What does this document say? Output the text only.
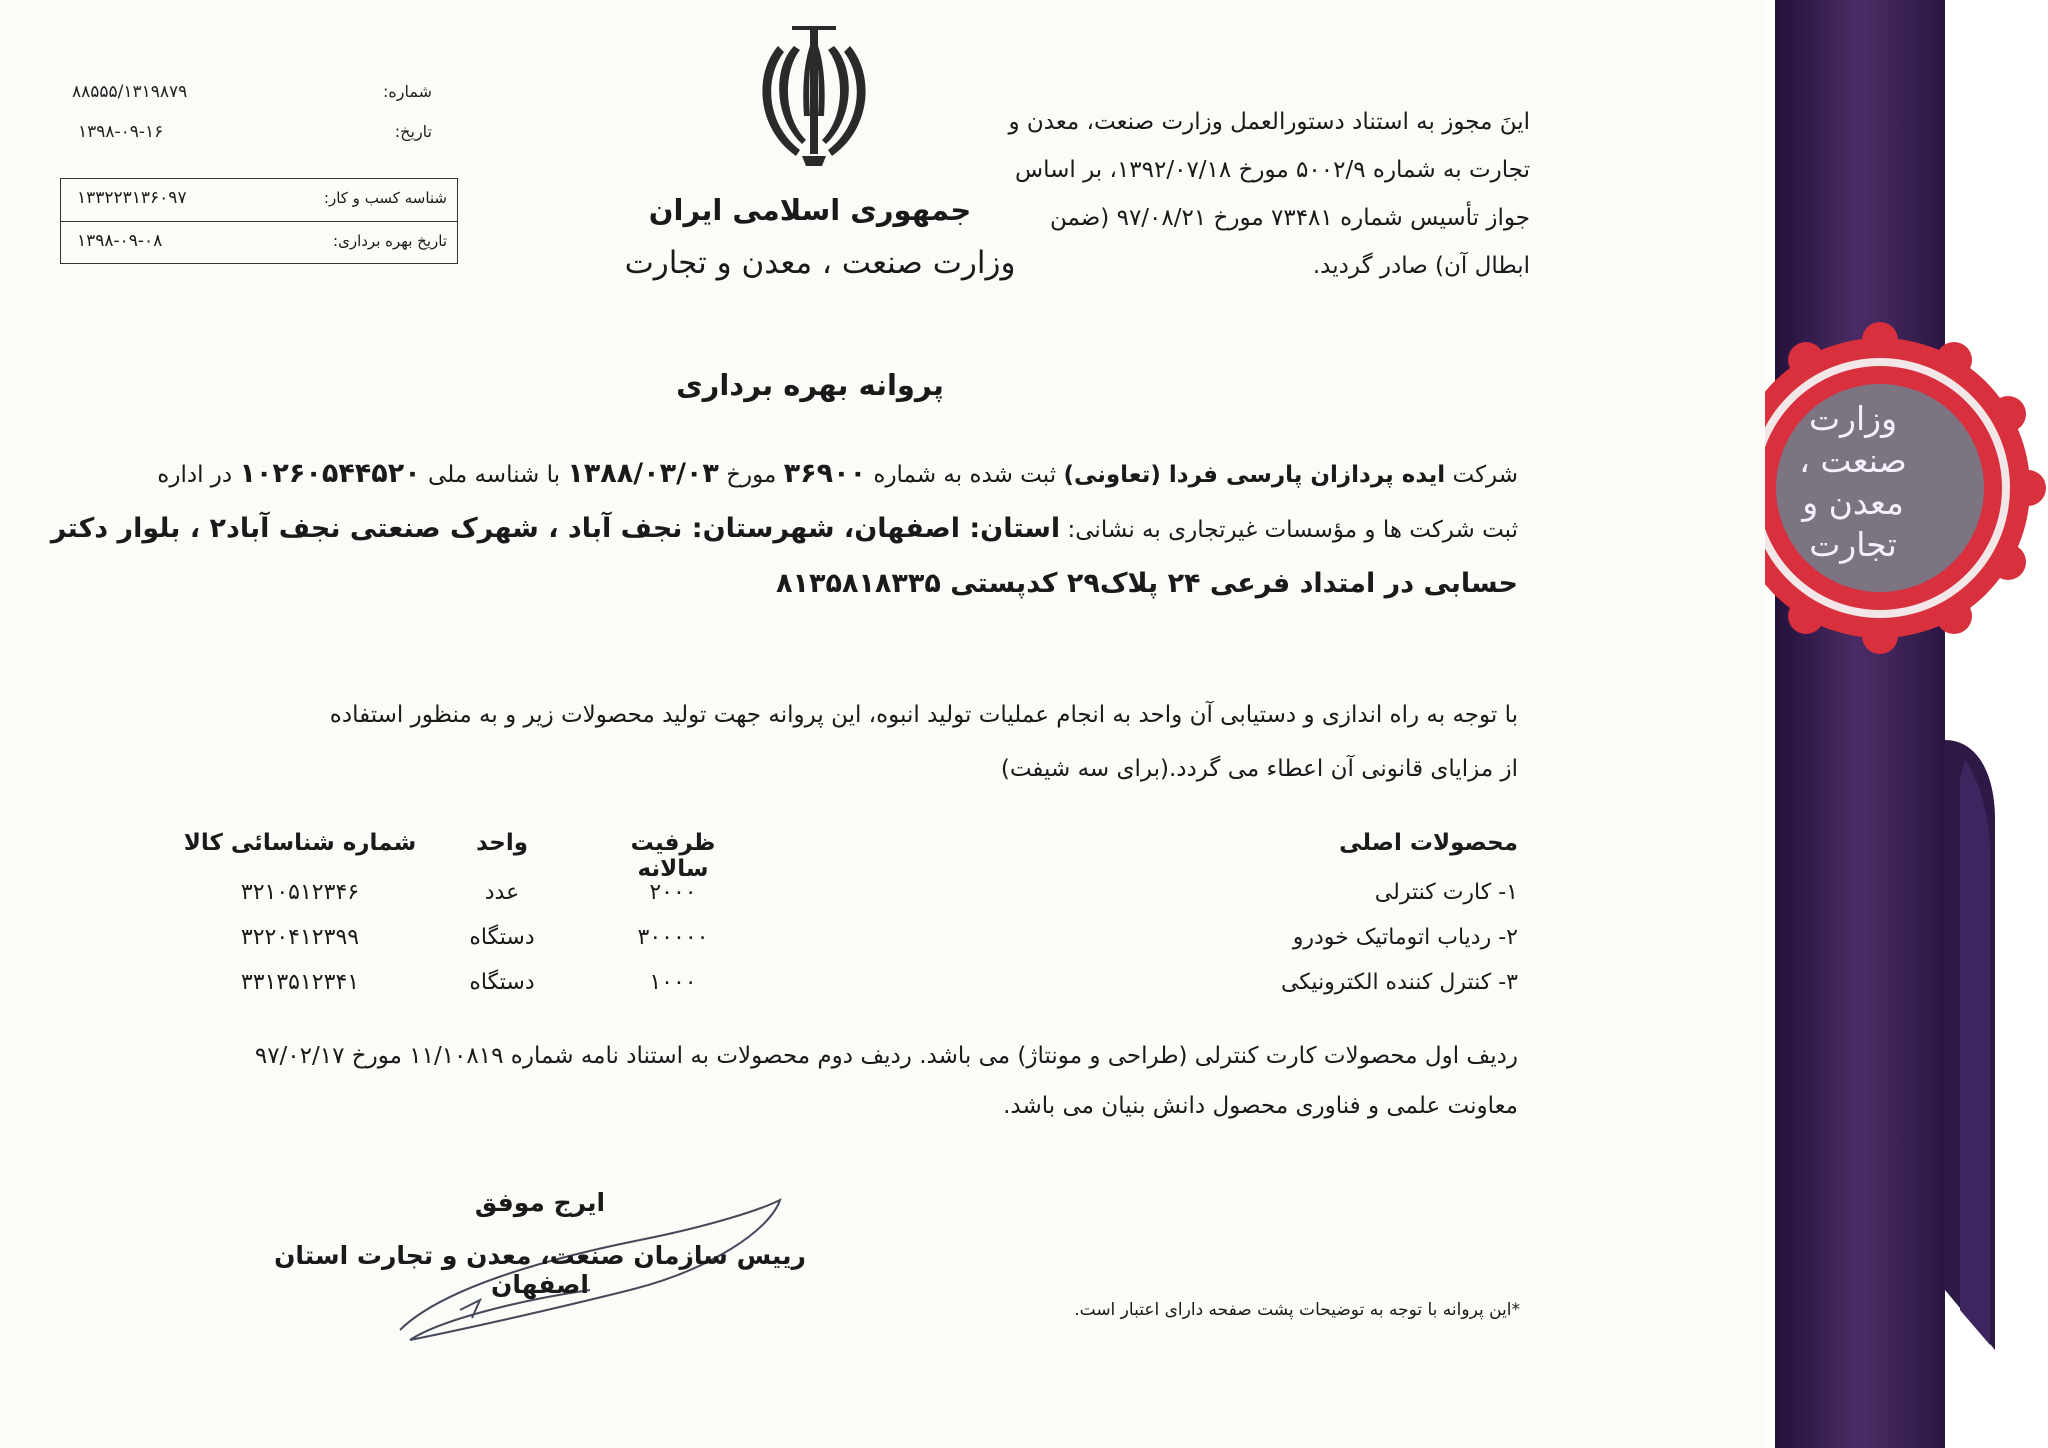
۸۸۵۵۵/۱۳۱۹۸۷۹	شماره:
۱۳۹۸-۰۹-۱۶	تاریخ:
شناسه کسب و کار:
۱۳۳۲۲۳۱۳۶۰۹۷
تاریخ بهره برداری:
۱۳۹۸-۰۹-۰۸
جمهوری اسلامی ایران
وزارت صنعت ، معدن و تجارت
اینَ مجوز به استناد دستورالعمل وزارت صنعت، معدن و
تجارت به شماره ۵۰۰۲/۹ مورخ ۱۳۹۲/۰۷/۱۸، بر اساس
جواز تأسیس شماره ۷۳۴۸۱ مورخ ۹۷/۰۸/۲۱ (ضمن
ابطال آن) صادر گردید.
پروانه بهره برداری
شرکت ایده پردازان پارسی فردا (تعاونی) ثبت شده به شماره ۳۶۹۰۰ مورخ ۱۳۸۸/۰۳/۰۳ با شناسه ملی ۱۰۲۶۰۵۴۴۵۲۰ در اداره
ثبت شرکت ها و مؤسسات غیرتجاری به نشانی: استان: اصفهان، شهرستان: نجف آباد ، شهرک صنعتی نجف آباد۲ ، بلوار دکتر
حسابی در امتداد فرعی ۲۴ پلاک۲۹ کدپستی ۸۱۳۵۸۱۸۳۳۵
با توجه به راه اندازی و دستیابی آن واحد به انجام عملیات تولید انبوه، این پروانه جهت تولید محصولات زیر و به منظور استفاده
از مزایای قانونی آن اعطاء می گردد.(برای سه شیفت)
محصولات اصلی
ظرفیت سالانه
واحد
شماره شناسائی کالا
۱- کارت کنترلی
۲۰۰۰
عدد
۳۲۱۰۵۱۲۳۴۶
۲- ردیاب اتوماتیک خودرو
۳۰۰۰۰۰
دستگاه
۳۲۲۰۴۱۲۳۹۹
۳- کنترل کننده الکترونیکی
۱۰۰۰
دستگاه
۳۳۱۳۵۱۲۳۴۱
ردیف اول محصولات کارت کنترلی (طراحی و مونتاژ) می باشد. ردیف دوم محصولات به استناد نامه شماره ۱۱/۱۰۸۱۹ مورخ ۹۷/۰۲/۱۷
معاونت علمی و فناوری محصول دانش بنیان می باشد.
ایرج موفق
رییس سازمان صنعت، معدن و تجارت استان اصفهان
*این پروانه با توجه به توضیحات پشت صفحه دارای اعتبار است.
وزارت
صنعت ،
معدن و
تجارت
